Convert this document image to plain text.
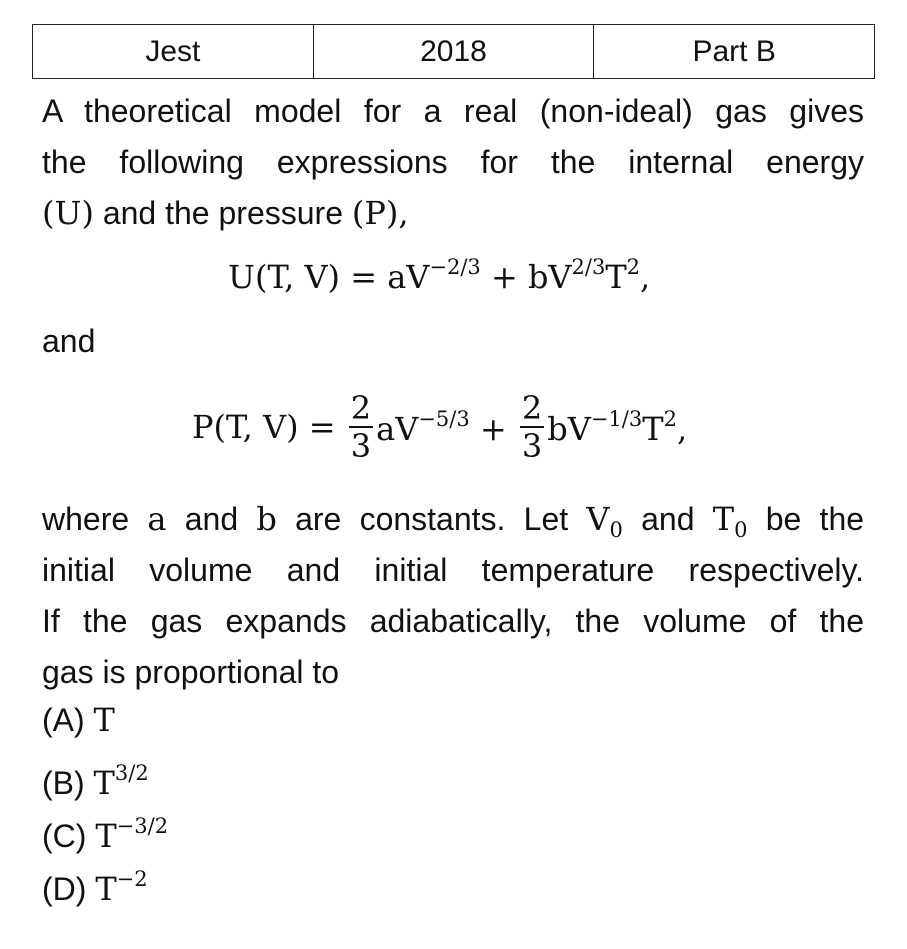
Jest	2018	Part B
A theoretical model for a real (non-ideal) gas gives
the following expressions for the internal energy
(U) and the pressure (P),
U(T, $V) = aV^{-2/3} + bV^{2/3}T^2$,
and
P(T, $V) = \frac{2}{3} aV^{-5/3} + \frac{2}{3} bV^{-1/3}T^2$,
where a and b are constants. Let $V_0$ and $T_0$ be the
initial volume and initial temperature respectively.
If the gas expands adiabatically, the volume of the
gas is proportional to
(A) T
(B) $T^{3/2}$
(C) $T^{-3/2}$
(D) $T^{-2}$
